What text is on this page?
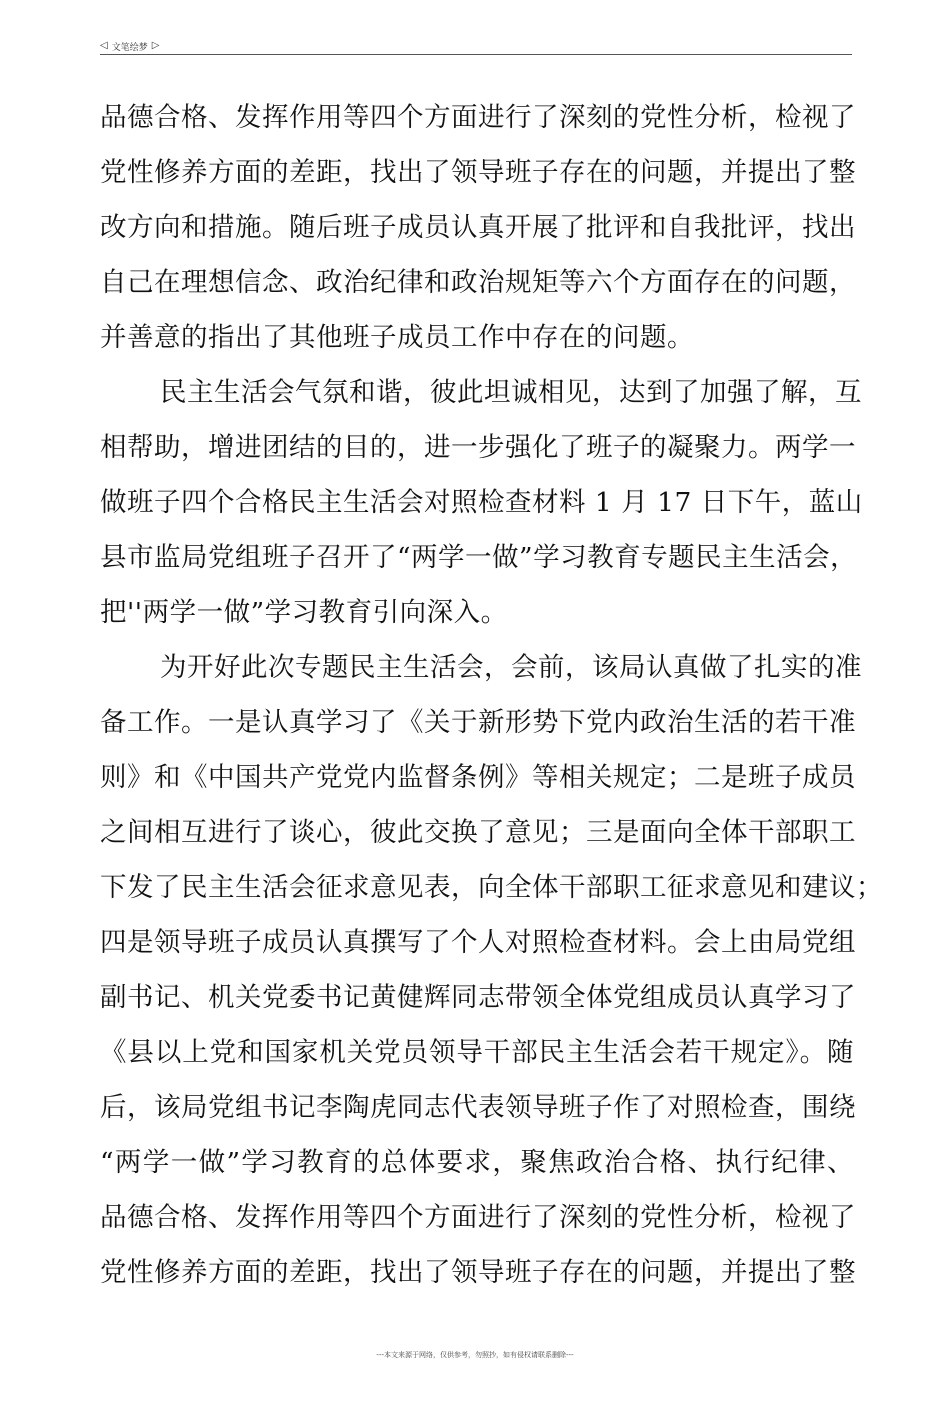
◁ 文笔绘梦 ▷
品德合格、发挥作用等四个方面进行了深刻的党性分析，检视了
党性修养方面的差距，找出了领导班子存在的问题，并提出了整
改方向和措施。随后班子成员认真开展了批评和自我批评，找出
自己在理想信念、政治纪律和政治规矩等六个方面存在的问题，
并善意的指出了其他班子成员工作中存在的问题。
民主生活会气氛和谐，彼此坦诚相见，达到了加强了解，互
相帮助，增进团结的目的，进一步强化了班子的凝聚力。两学一
做班子四个合格民主生活会对照检查材料 1 月 17 日下午，蓝山
县市监局党组班子召开了“两学一做”学习教育专题民主生活会，
把''两学一做”学习教育引向深入。
为开好此次专题民主生活会，会前，该局认真做了扎实的准
备工作。一是认真学习了《关于新形势下党内政治生活的若干准
则》和《中国共产党党内监督条例》等相关规定；二是班子成员
之间相互进行了谈心，彼此交换了意见；三是面向全体干部职工
下发了民主生活会征求意见表，向全体干部职工征求意见和建议；
四是领导班子成员认真撰写了个人对照检查材料。会上由局党组
副书记、机关党委书记黄健辉同志带领全体党组成员认真学习了
《县以上党和国家机关党员领导干部民主生活会若干规定》。随
后，该局党组书记李陶虎同志代表领导班子作了对照检查，围绕
“两学一做”学习教育的总体要求，聚焦政治合格、执行纪律、
品德合格、发挥作用等四个方面进行了深刻的党性分析，检视了
党性修养方面的差距，找出了领导班子存在的问题，并提出了整
---本文来源于网络，仅供参考，勿照抄，如有侵权请联系删除---
